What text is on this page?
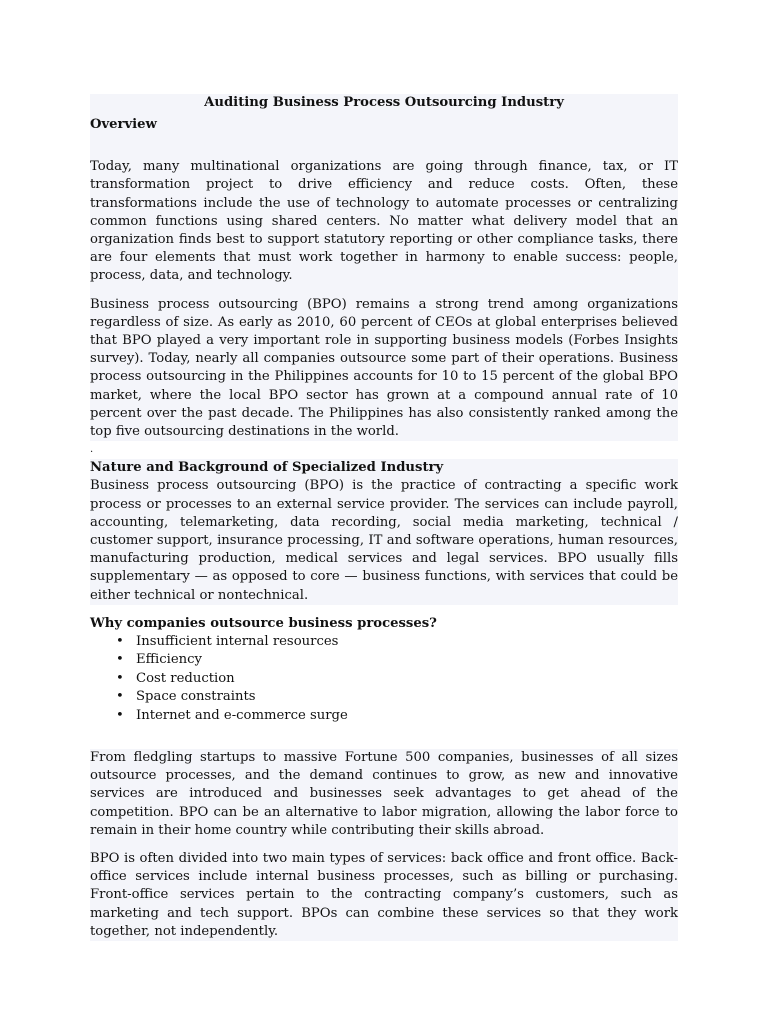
Auditing Business Process Outsourcing Industry

Overview

Today, many multinational organizations are going through finance, tax, or IT transformation project to drive efficiency and reduce costs. Often, these transformations include the use of technology to automate processes or centralizing common functions using shared centers. No matter what delivery model that an organization finds best to support statutory reporting or other compliance tasks, there are four elements that must work together in harmony to enable success: people, process, data, and technology.

Business process outsourcing (BPO) remains a strong trend among organizations regardless of size. As early as 2010, 60 percent of CEOs at global enterprises believed that BPO played a very important role in supporting business models (Forbes Insights survey). Today, nearly all companies outsource some part of their operations. Business process outsourcing in the Philippines accounts for 10 to 15 percent of the global BPO market, where the local BPO sector has grown at a compound annual rate of 10 percent over the past decade. The Philippines has also consistently ranked among the top five outsourcing destinations in the world.

.

Nature and Background of Specialized Industry

Business process outsourcing (BPO) is the practice of contracting a specific work process or processes to an external service provider. The services can include payroll, accounting, telemarketing, data recording, social media marketing, technical / customer support, insurance processing, IT and software operations, human resources, manufacturing production, medical services and legal services. BPO usually fills supplementary — as opposed to core — business functions, with services that could be either technical or nontechnical.

Why companies outsource business processes?

• Insufficient internal resources
• Efficiency
• Cost reduction
• Space constraints
• Internet and e-commerce surge

From fledgling startups to massive Fortune 500 companies, businesses of all sizes outsource processes, and the demand continues to grow, as new and innovative services are introduced and businesses seek advantages to get ahead of the competition. BPO can be an alternative to labor migration, allowing the labor force to remain in their home country while contributing their skills abroad.

BPO is often divided into two main types of services: back office and front office. Back-office services include internal business processes, such as billing or purchasing. Front-office services pertain to the contracting company’s customers, such as marketing and tech support. BPOs can combine these services so that they work together, not independently.
